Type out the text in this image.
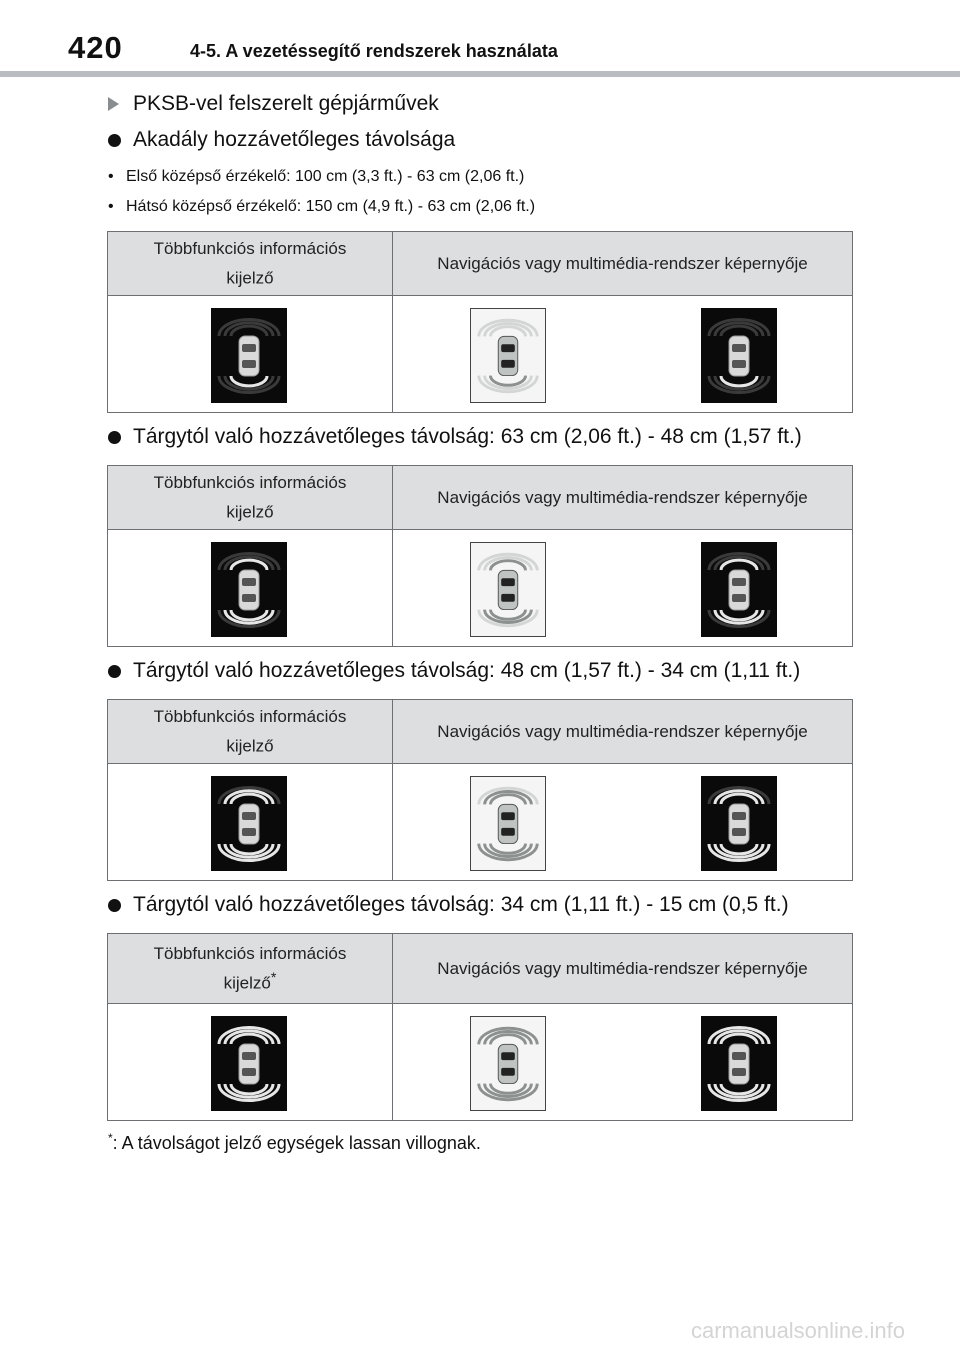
420	4-5. A vezetéssegítő rendszerek használata
PKSB-vel felszerelt gépjárművek
Akadály hozzávetőleges távolsága
• Első középső érzékelő: 100 cm (3,3 ft.) - 63 cm (2,06 ft.)
• Hátsó középső érzékelő: 150 cm (4,9 ft.) - 63 cm (2,06 ft.)
Többfunkciós információs
kijelző	Navigációs vagy multimédia-rendszer képernyője

Tárgytól való hozzávetőleges távolság: 63 cm (2,06 ft.) - 48 cm (1,57 ft.)
Többfunkciós információs
kijelző	Navigációs vagy multimédia-rendszer képernyője

Tárgytól való hozzávetőleges távolság: 48 cm (1,57 ft.) - 34 cm (1,11 ft.)
Többfunkciós információs
kijelző	Navigációs vagy multimédia-rendszer képernyője

Tárgytól való hozzávetőleges távolság: 34 cm (1,11 ft.) - 15 cm (0,5 ft.)
Többfunkciós információs
kijelző*	Navigációs vagy multimédia-rendszer képernyője

*: A távolságot jelző egységek lassan villognak.
carmanualsonline.info
